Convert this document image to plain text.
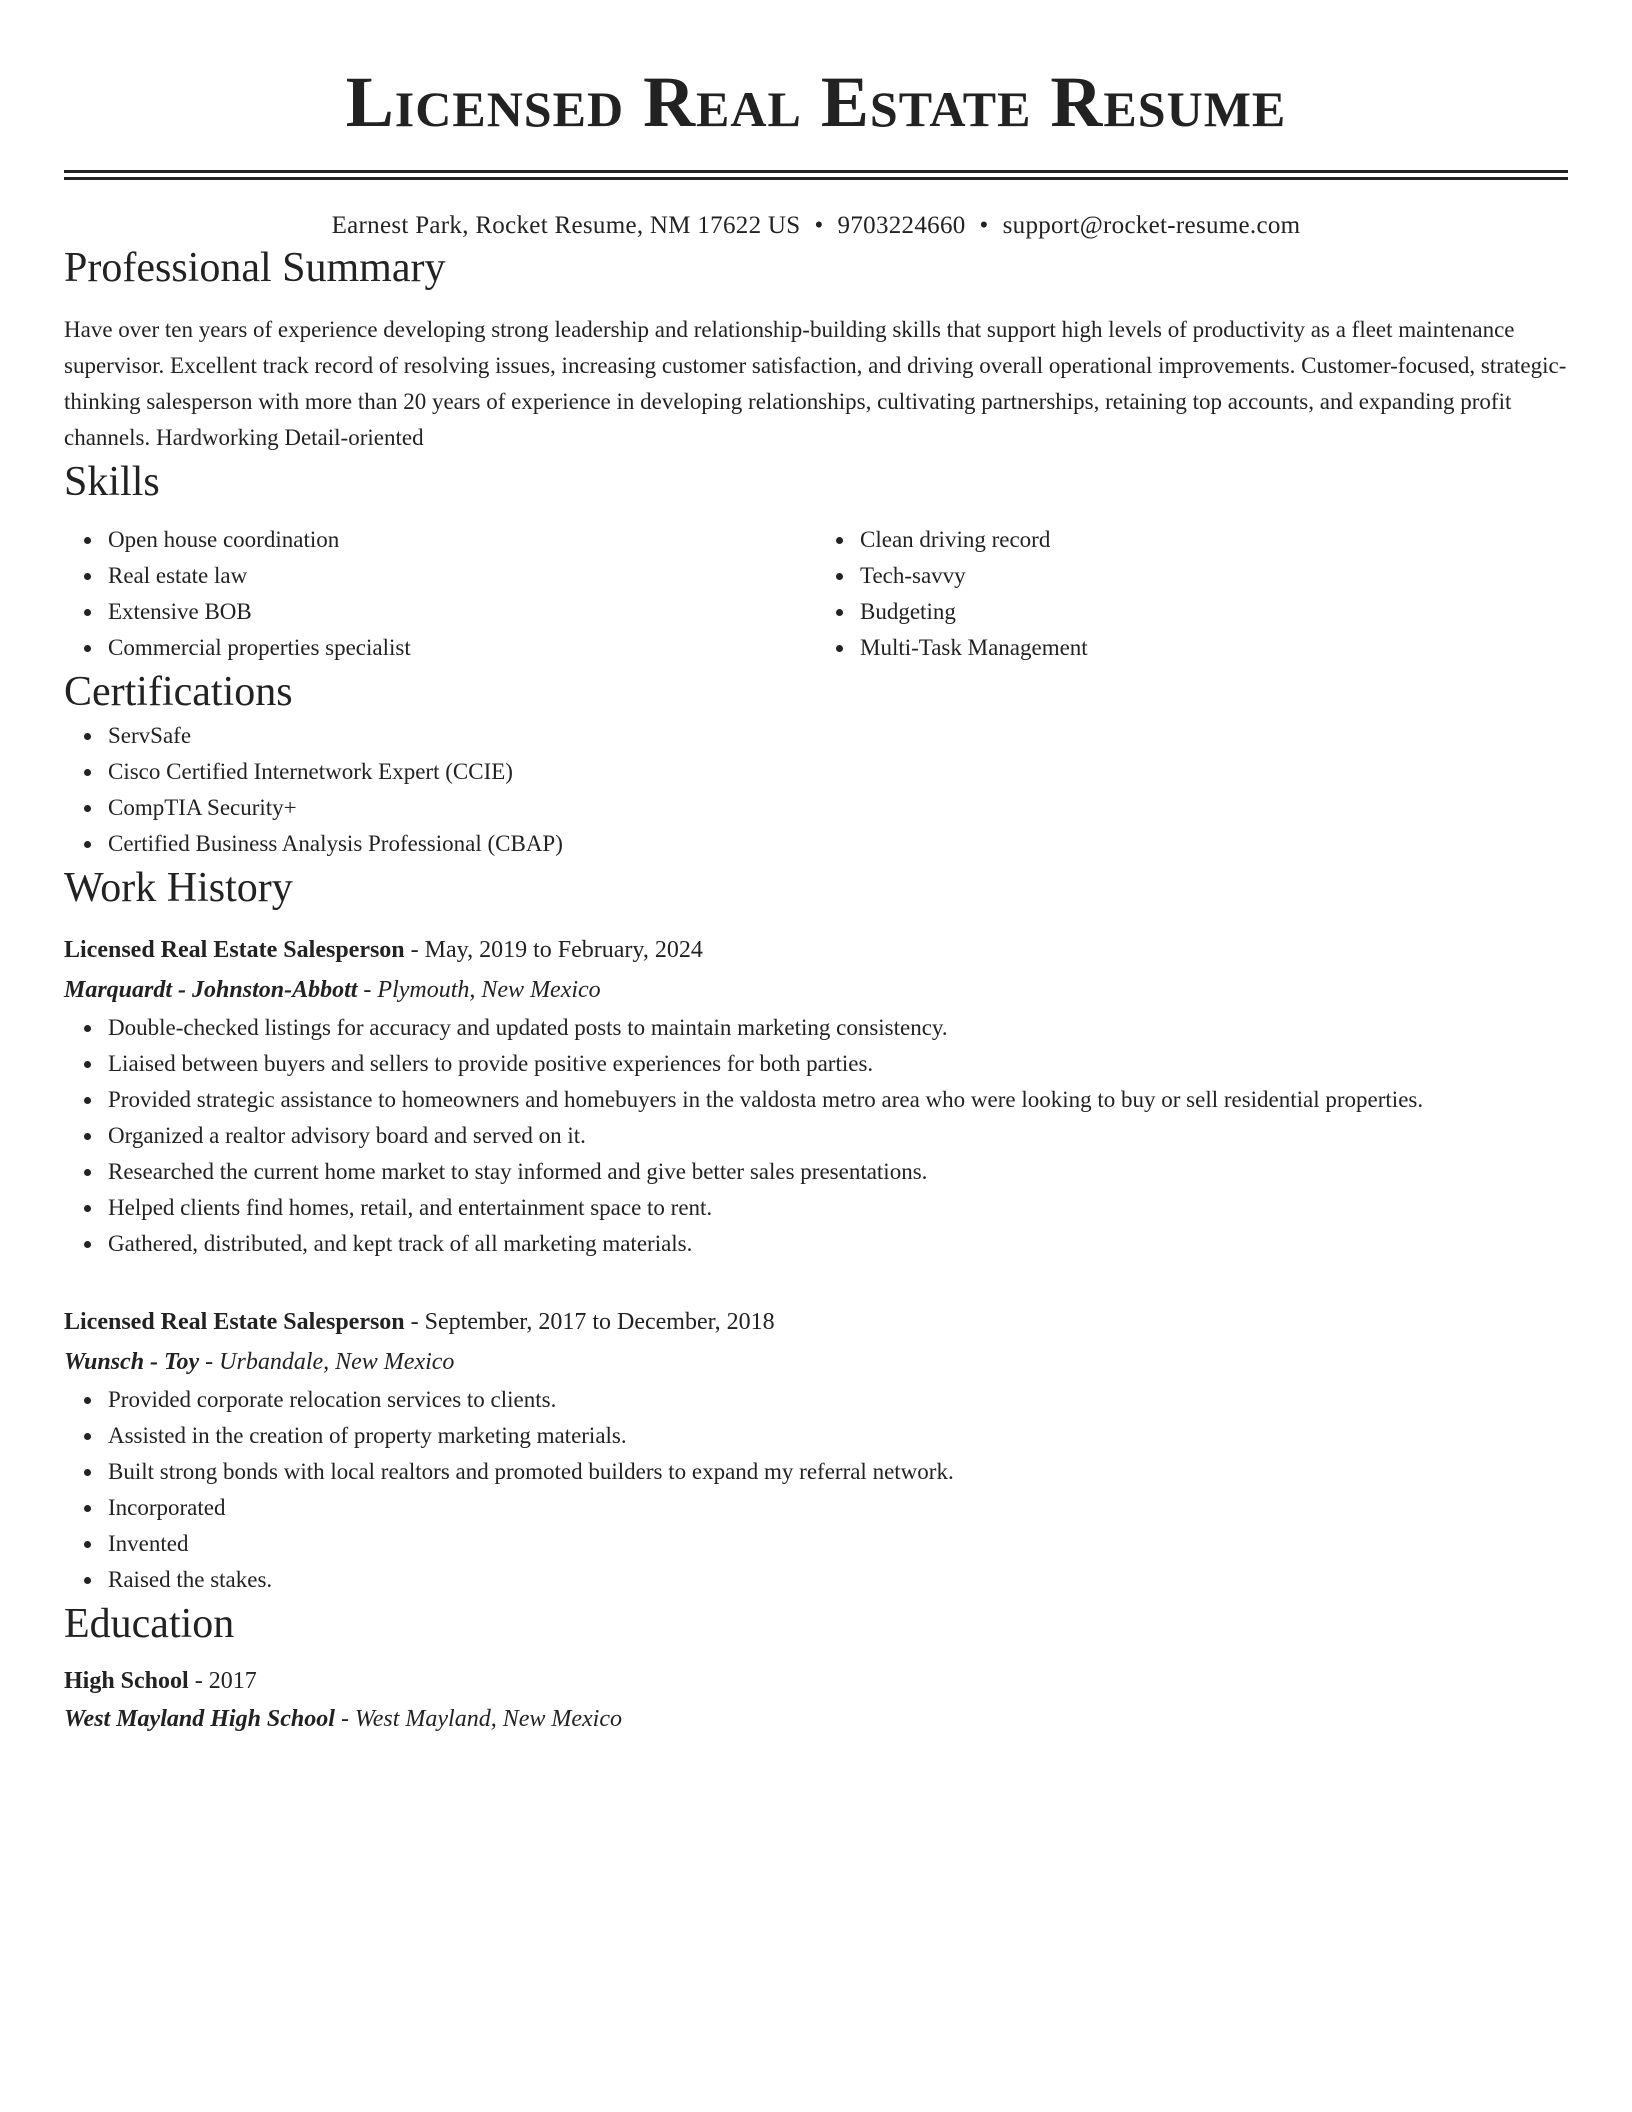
Licensed Real Estate Resume
Earnest Park, Rocket Resume, NM 17622 US • 9703224660 • support@rocket-resume.com
Professional Summary

Have over ten years of experience developing strong leadership and relationship-building skills that support high levels of productivity as a fleet maintenance supervisor. Excellent track record of resolving issues, increasing customer satisfaction, and driving overall operational improvements. Customer-focused, strategic-thinking salesperson with more than 20 years of experience in developing relationships, cultivating partnerships, retaining top accounts, and expanding profit channels. Hardworking Detail-oriented

Skills
Open house coordination
Real estate law
Extensive BOB
Commercial properties specialist
Clean driving record
Tech-savvy
Budgeting
Multi-Task Management
Certifications
ServSafe
Cisco Certified Internetwork Expert (CCIE)
CompTIA Security+
Certified Business Analysis Professional (CBAP)
Work History
Licensed Real Estate Salesperson - May, 2019 to February, 2024
Marquardt - Johnston-Abbott - Plymouth, New Mexico
Double-checked listings for accuracy and updated posts to maintain marketing consistency.
Liaised between buyers and sellers to provide positive experiences for both parties.
Provided strategic assistance to homeowners and homebuyers in the valdosta metro area who were looking to buy or sell residential properties.
Organized a realtor advisory board and served on it.
Researched the current home market to stay informed and give better sales presentations.
Helped clients find homes, retail, and entertainment space to rent.
Gathered, distributed, and kept track of all marketing materials.
Licensed Real Estate Salesperson - September, 2017 to December, 2018
Wunsch - Toy - Urbandale, New Mexico
Provided corporate relocation services to clients.
Assisted in the creation of property marketing materials.
Built strong bonds with local realtors and promoted builders to expand my referral network.
Incorporated
Invented
Raised the stakes.
Education
High School - 2017
West Mayland High School - West Mayland, New Mexico
